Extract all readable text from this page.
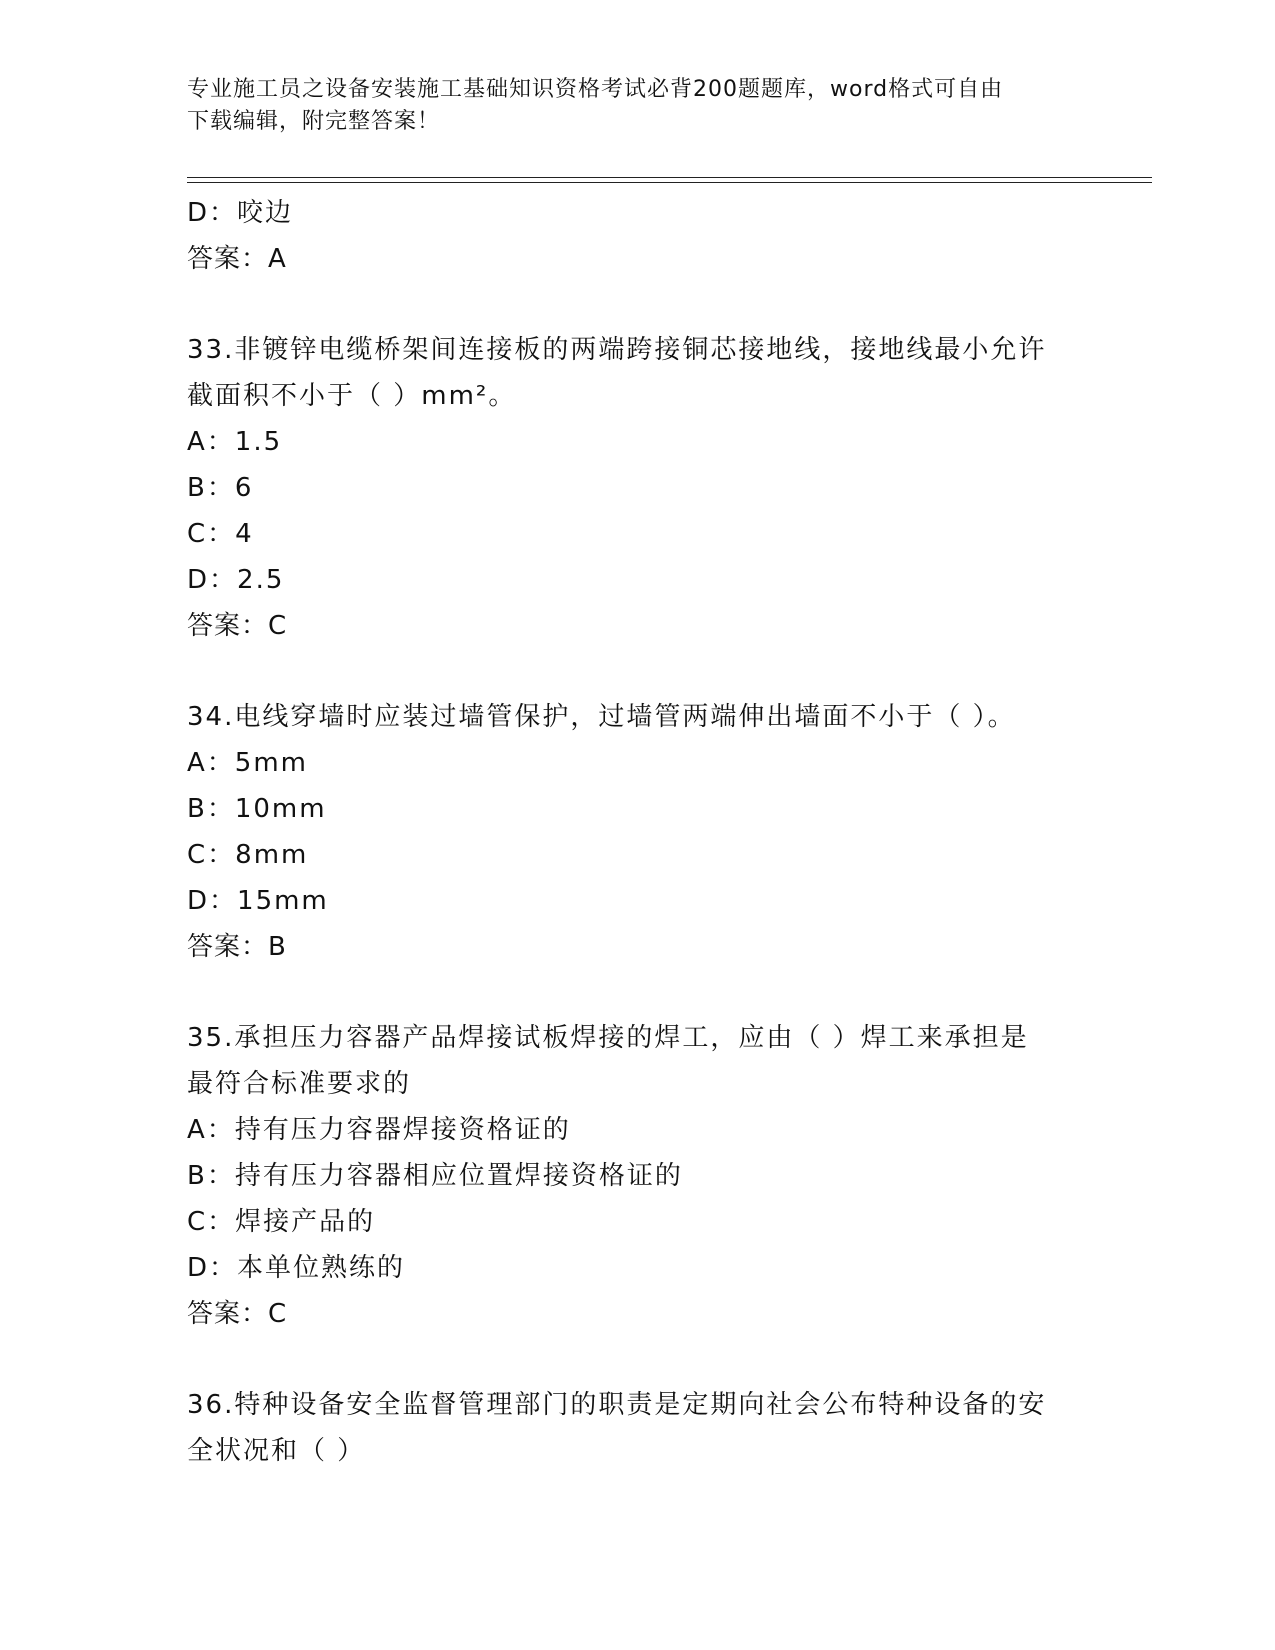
专业施工员之设备安装施工基础知识资格考试必背200题题库，word格式可自由
下载编辑，附完整答案！
D：咬边
答案：A
33.非镀锌电缆桥架间连接板的两端跨接铜芯接地线，接地线最小允许
截面积不小于（ ）mm²。
A：1.5
B：6
C：4
D：2.5
答案：C
34.电线穿墙时应装过墙管保护，过墙管两端伸出墙面不小于（ ）。
A：5mm
B：10mm
C：8mm
D：15mm
答案：B
35.承担压力容器产品焊接试板焊接的焊工，应由（ ）焊工来承担是
最符合标准要求的
A：持有压力容器焊接资格证的
B：持有压力容器相应位置焊接资格证的
C：焊接产品的
D：本单位熟练的
答案：C
36.特种设备安全监督管理部门的职责是定期向社会公布特种设备的安
全状况和（ ）
